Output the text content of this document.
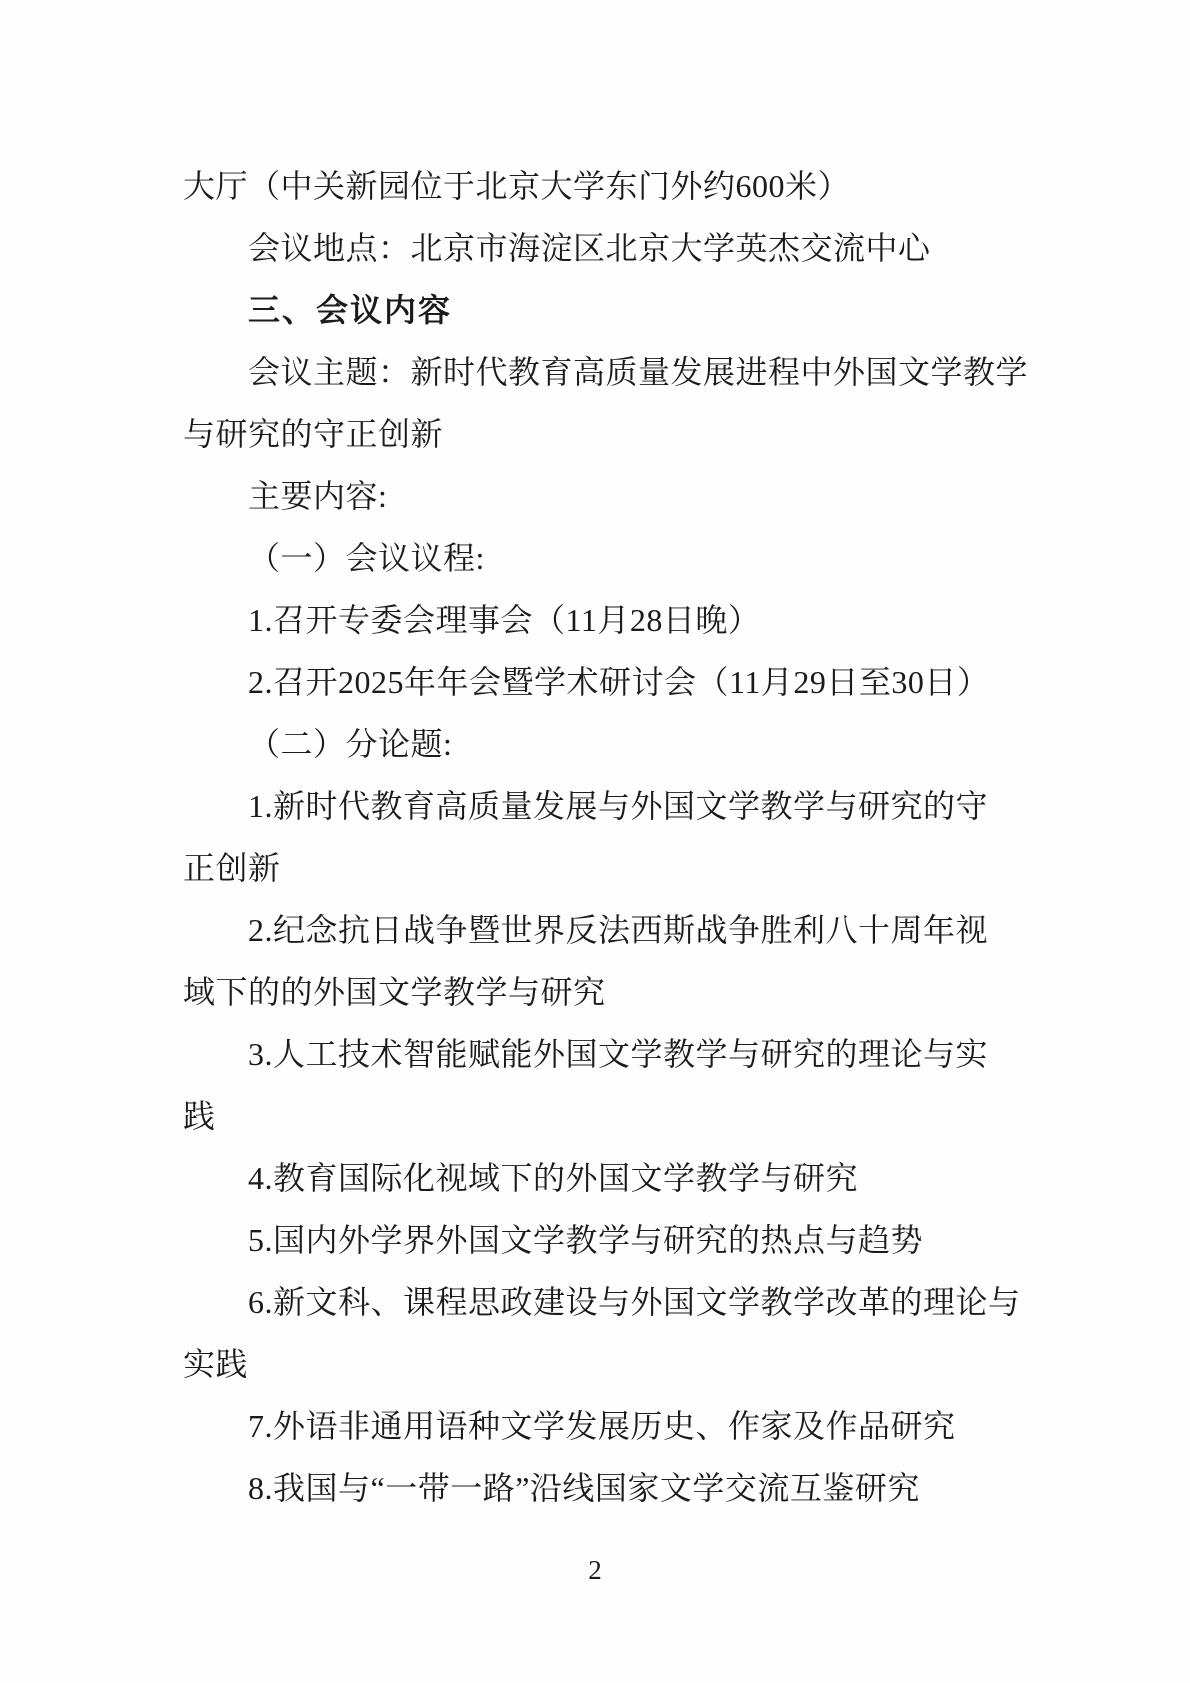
大厅（中关新园位于北京大学东门外约600米）
会议地点：北京市海淀区北京大学英杰交流中心
三、会议内容
会议主题：新时代教育高质量发展进程中外国文学教学
与研究的守正创新
主要内容:
（一）会议议程:
1.召开专委会理事会（11月28日晚）
2.召开2025年年会暨学术研讨会（11月29日至30日）
（二）分论题:
1.新时代教育高质量发展与外国文学教学与研究的守
正创新
2.纪念抗日战争暨世界反法西斯战争胜利八十周年视
域下的的外国文学教学与研究
3.人工技术智能赋能外国文学教学与研究的理论与实
践
4.教育国际化视域下的外国文学教学与研究
5.国内外学界外国文学教学与研究的热点与趋势
6.新文科、课程思政建设与外国文学教学改革的理论与
实践
7.外语非通用语种文学发展历史、作家及作品研究
8.我国与“一带一路”沿线国家文学交流互鉴研究
2
